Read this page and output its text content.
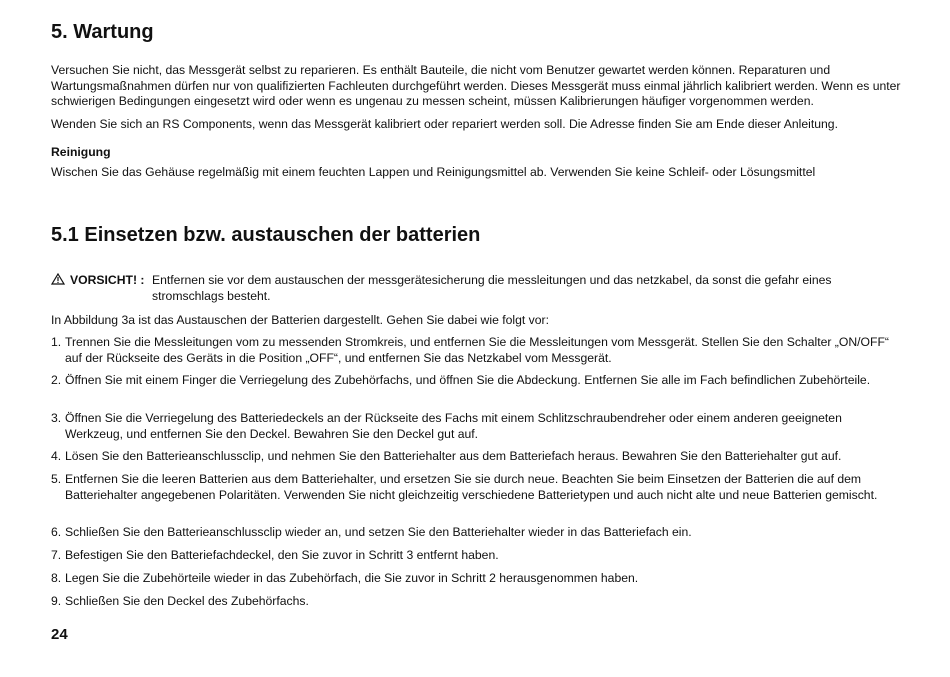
5. Wartung

Versuchen Sie nicht, das Messgerät selbst zu reparieren. Es enthält Bauteile, die nicht vom Benutzer gewartet werden können. Reparaturen und Wartungsmaßnahmen dürfen nur von qualifizierten Fachleuten durchgeführt werden. Dieses Messgerät muss einmal jährlich kalibriert werden. Wenn es unter schwierigen Bedingungen eingesetzt wird oder wenn es ungenau zu messen scheint, müssen Kalibrierungen häufiger vorgenommen werden.

Wenden Sie sich an RS Components, wenn das Messgerät kalibriert oder repariert werden soll. Die Adresse finden Sie am Ende dieser Anleitung.

Reinigung

Wischen Sie das Gehäuse regelmäßig mit einem feuchten Lappen und Reinigungsmittel ab. Verwenden Sie keine Schleif- oder Lösungsmittel

5.1 Einsetzen bzw. austauschen der batterien
VORSICHT! : Entfernen sie vor dem austauschen der messgerätesicherung die messleitungen und das netzkabel, da sonst die gefahr eines stromschlags besteht.

In Abbildung 3a ist das Austauschen der Batterien dargestellt. Gehen Sie dabei wie folgt vor:

1. Trennen Sie die Messleitungen vom zu messenden Stromkreis, und entfernen Sie die Messleitungen vom Messgerät. Stellen Sie den Schalter „ON/OFF“ auf der Rückseite des Geräts in die Position „OFF“, und entfernen Sie das Netzkabel vom Messgerät.
2. Öffnen Sie mit einem Finger die Verriegelung des Zubehörfachs, und öffnen Sie die Abdeckung. Entfernen Sie alle im Fach befindlichen Zubehörteile.
3. Öffnen Sie die Verriegelung des Batteriedeckels an der Rückseite des Fachs mit einem Schlitzschraubendreher oder einem anderen geeigneten Werkzeug, und entfernen Sie den Deckel. Bewahren Sie den Deckel gut auf.
4. Lösen Sie den Batterieanschlussclip, und nehmen Sie den Batteriehalter aus dem Batteriefach heraus. Bewahren Sie den Batteriehalter gut auf.
5. Entfernen Sie die leeren Batterien aus dem Batteriehalter, und ersetzen Sie sie durch neue. Beachten Sie beim Einsetzen der Batterien die auf dem Batteriehalter angegebenen Polaritäten. Verwenden Sie nicht gleichzeitig verschiedene Batterietypen und auch nicht alte und neue Batterien gemischt.
6. Schließen Sie den Batterieanschlussclip wieder an, und setzen Sie den Batteriehalter wieder in das Batteriefach ein.
7. Befestigen Sie den Batteriefachdeckel, den Sie zuvor in Schritt 3 entfernt haben.
8. Legen Sie die Zubehörteile wieder in das Zubehörfach, die Sie zuvor in Schritt 2 herausgenommen haben.
9. Schließen Sie den Deckel des Zubehörfachs.
24
